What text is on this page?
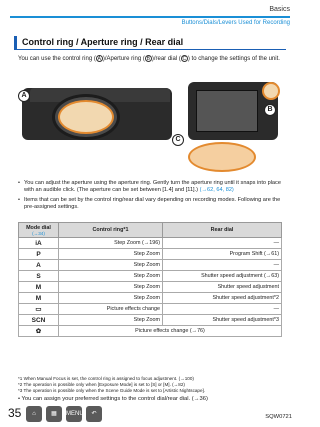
Basics
Buttons/Dials/Levers Used for Recording
Control ring / Aperture ring / Rear dial
You can use the control ring ( A )/Aperture ring ( B )/rear dial ( C ) to change the settings of the unit.
A
B
C
• You can adjust the aperture using the aperture ring. Gently turn the aperture ring until it snaps into place with an audible click. (The aperture can be set between [1.4] and [11].) (→62, 64, 82)
• Items that can be set by the control ring/rear dial vary depending on recording modes. Following are the pre-assigned settings.
Mode dial
(→34)	Control ring*1	Rear dial
iA	Step Zoom (→196)	—
P	Step Zoom	Program Shift (→61)
A	Step Zoom	—
S	Step Zoom	Shutter speed adjustment (→63)
M	Step Zoom	Shutter speed adjustment
M	Step Zoom	Shutter speed adjustment*2
▭	Picture effects change	—
SCN	Step Zoom	Shutter speed adjustment*3
✿	Picture effects change (→76)	
*1 When Manual Focus is set, the control ring is assigned to focus adjustment. (→100)
*2 The operation is possible only when [Exposure Mode] is set to [S] or [M]. (→82)
*3 The operation is possible only when the Scene Guide Mode is set to [Artistic Nightscape].
• You can assign your preferred settings to the control dial/rear dial. (→36)
35	⌂	▦	MENU	↶	SQW0721
